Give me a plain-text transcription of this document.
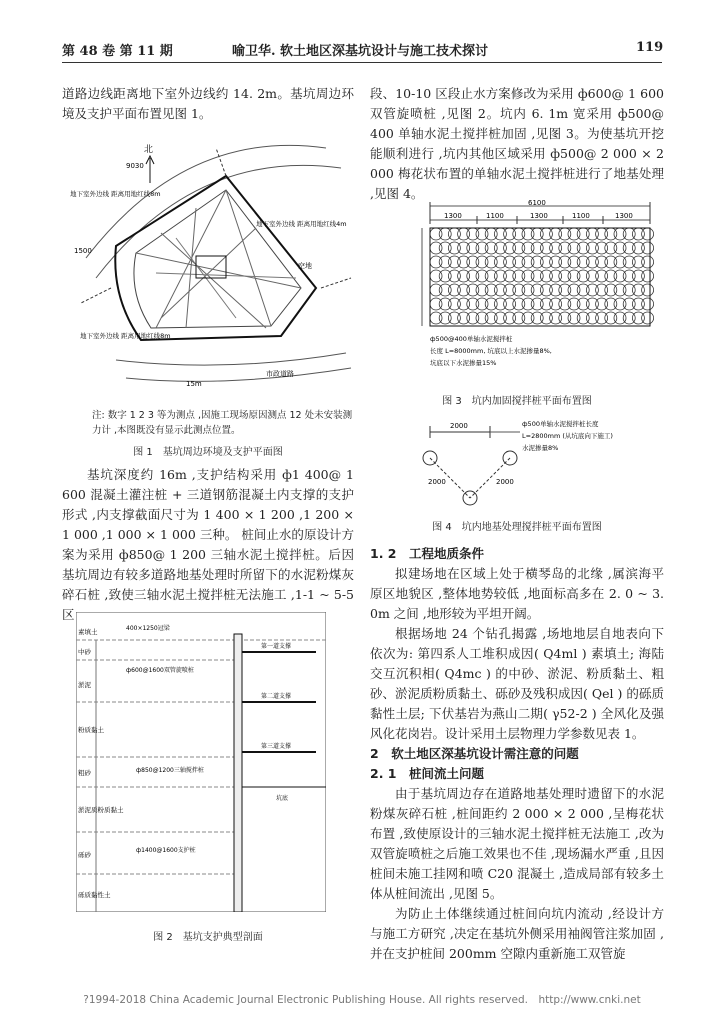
第 48 卷 第 11 期	喻卫华. 软土地区深基坑设计与施工技术探讨	119

道路边线距离地下室外边线约 14. 2m。基坑周边环境及支护平面布置见图 1。

北
9030
1500
15m
地下室外边线 距离用地红线8m
地下室外边线 距离用地红线4m
地下室外边线 距离用地红线8m
空地
市政道路
注: 数字 1 2 3 等为测点 ,因施工现场原因测点 12 处未安装测力计 ,本图既没有显示此测点位置。
图 1　基坑周边环境及支护平面图

基坑深度约 16m ,支护结构采用 ф1 400@ 1 600 混凝土灌注桩 + 三道钢筋混凝土内支撑的支护形式 ,内支撑截面尺寸为 1 400 × 1 200 ,1 200 × 1 000 ,1 000 × 1 000 三种。 桩间止水的原设计方案为采用 ф850@ 1 200 三轴水泥土搅拌桩。后因基坑周边有较多道路地基处理时所留下的水泥粉煤灰碎石桩 ,致使三轴水泥土搅拌桩无法施工 ,1-1 ~ 5-5 区

素填土
中砂
淤泥
粉质黏土
粗砂
淤泥质粉质黏土
砾砂
砾质黏性土
400×1250冠梁
ф600@1600双管旋喷桩
ф1400@1600支护桩
ф850@1200三轴搅拌桩
第一道支撑
第二道支撑
第三道支撑
坑底
图 2　基坑支护典型剖面

段、10-10 区段止水方案修改为采用 ф600@ 1 600 双管旋喷桩 ,见图 2。坑内 6. 1m 宽采用 ф500@ 400 单轴水泥土搅拌桩加固 ,见图 3。为使基坑开挖能顺利进行 ,坑内其他区域采用 ф500@ 2 000 × 2 000 梅花状布置的单轴水泥土搅拌桩进行了地基处理 ,见图 4。

6100
1300	1100	1300	1100	1300
ф500@400单轴水泥搅拌桩
长度 L=8000mm, 坑底以上水泥掺量8%,
坑底以下水泥掺量15%
图 3　坑内加固搅拌桩平面布置图
2000
2000	2000
ф500单轴水泥搅拌桩长度
L=2800mm (从坑底向下施工)
水泥掺量8%
图 4　坑内地基处理搅拌桩平面布置图

1. 2　工程地质条件

拟建场地在区域上处于横琴岛的北缘 ,属滨海平原区地貌区 ,整体地势较低 ,地面标高多在 2. 0 ~ 3. 0m 之间 ,地形较为平坦开阔。

根据场地 24 个钻孔揭露 ,场地地层自地表向下依次为: 第四系人工堆积成因( Q4ml ) 素填土; 海陆交互沉积相( Q4mc ) 的中砂、淤泥、粉质黏土、粗砂、淤泥质粉质黏土、砾砂及残积成因( Qel ) 的砾质黏性土层; 下伏基岩为燕山二期( γ52-2 ) 全风化及强风化花岗岩。设计采用土层物理力学参数见表 1。

2　软土地区深基坑设计需注意的问题

2. 1　桩间流土问题

由于基坑周边存在道路地基处理时遗留下的水泥粉煤灰碎石桩 ,桩间距约 2 000 × 2 000 ,呈梅花状布置 ,致使原设计的三轴水泥土搅拌桩无法施工 ,改为双管旋喷桩之后施工效果也不佳 ,现场漏水严重 ,且因桩间未施工挂网和喷 C20 混凝土 ,造成局部有较多土体从桩间流出 ,见图 5。

为防止土体继续通过桩间向坑内流动 ,经设计方与施工方研究 ,决定在基坑外侧采用袖阀管注浆加固 ,并在支护桩间 200mm 空隙内重新施工双管旋

?1994-2018 China Academic Journal Electronic Publishing House. All rights reserved.　http://www.cnki.net
